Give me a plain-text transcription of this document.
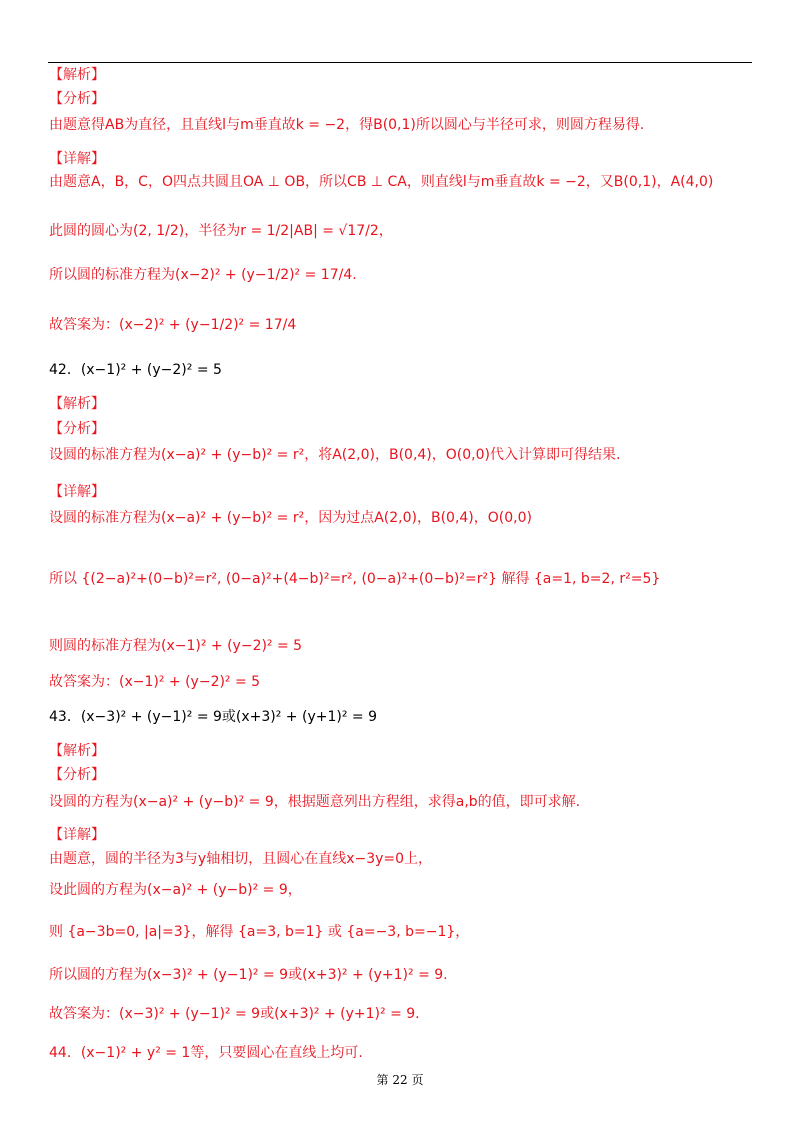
【解析】
【分析】
由题意得AB为直径，且直线l与m垂直故k = −2，得B(0,1)所以圆心与半径可求，则圆方程易得.
【详解】
由题意A，B，C，O四点共圆且OA ⊥ OB，所以CB ⊥ CA，则直线l与m垂直故k = −2，又B(0,1)，A(4,0)
此圆的圆心为(2, 1/2)，半径为r = 1/2|AB| = √17/2，
所以圆的标准方程为(x−2)² + (y−1/2)² = 17/4.
故答案为：(x−2)² + (y−1/2)² = 17/4
42．(x−1)² + (y−2)² = 5
【解析】
【分析】
设圆的标准方程为(x−a)² + (y−b)² = r²，将A(2,0)，B(0,4)，O(0,0)代入计算即可得结果.
【详解】
设圆的标准方程为(x−a)² + (y−b)² = r²，因为过点A(2,0)，B(0,4)，O(0,0)
所以 {(2−a)²+(0−b)²=r², (0−a)²+(4−b)²=r², (0−a)²+(0−b)²=r²} 解得 {a=1, b=2, r²=5}
则圆的标准方程为(x−1)² + (y−2)² = 5
故答案为：(x−1)² + (y−2)² = 5
43．(x−3)² + (y−1)² = 9或(x+3)² + (y+1)² = 9
【解析】
【分析】
设圆的方程为(x−a)² + (y−b)² = 9，根据题意列出方程组，求得a,b的值，即可求解.
【详解】
由题意，圆的半径为3与y轴相切，且圆心在直线x−3y=0上，
设此圆的方程为(x−a)² + (y−b)² = 9，
则 {a−3b=0, |a|=3}，解得 {a=3, b=1} 或 {a=−3, b=−1}，
所以圆的方程为(x−3)² + (y−1)² = 9或(x+3)² + (y+1)² = 9.
故答案为：(x−3)² + (y−1)² = 9或(x+3)² + (y+1)² = 9.
44．(x−1)² + y² = 1等，只要圆心在直线上均可.
第 22 页
